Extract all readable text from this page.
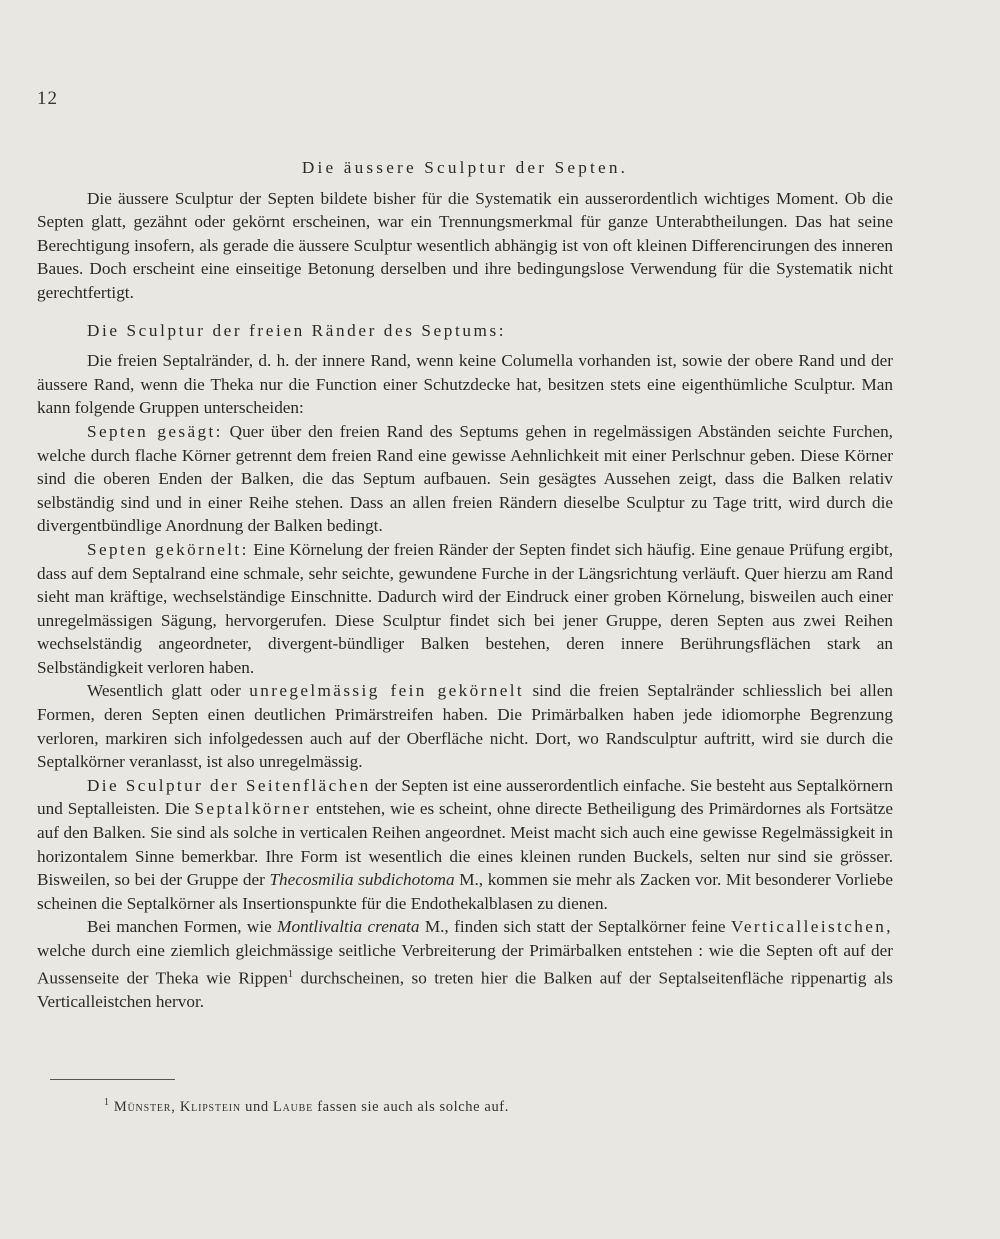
12
Die äussere Sculptur der Septen.

Die äussere Sculptur der Septen bildete bisher für die Systematik ein ausserordentlich wichtiges Moment. Ob die Septen glatt, gezähnt oder gekörnt erscheinen, war ein Trennungsmerkmal für ganze Unterabtheilungen. Das hat seine Berechtigung insofern, als gerade die äussere Sculptur wesentlich abhängig ist von oft kleinen Differencirungen des inneren Baues. Doch erscheint eine einseitige Betonung derselben und ihre bedingungslose Verwendung für die Systematik nicht gerechtfertigt.

Die Sculptur der freien Ränder des Septums:

Die freien Septalränder, d. h. der innere Rand, wenn keine Columella vorhanden ist, sowie der obere Rand und der äussere Rand, wenn die Theka nur die Function einer Schutzdecke hat, besitzen stets eine eigenthümliche Sculptur. Man kann folgende Gruppen unterscheiden:

Septen gesägt: Quer über den freien Rand des Septums gehen in regelmässigen Abständen seichte Furchen, welche durch flache Körner getrennt dem freien Rand eine gewisse Aehnlichkeit mit einer Perlschnur geben. Diese Körner sind die oberen Enden der Balken, die das Septum aufbauen. Sein gesägtes Aussehen zeigt, dass die Balken relativ selbständig sind und in einer Reihe stehen. Dass an allen freien Rändern dieselbe Sculptur zu Tage tritt, wird durch die divergentbündlige Anordnung der Balken bedingt.

Septen gekörnelt: Eine Körnelung der freien Ränder der Septen findet sich häufig. Eine genaue Prüfung ergibt, dass auf dem Septalrand eine schmale, sehr seichte, gewundene Furche in der Längsrichtung verläuft. Quer hierzu am Rand sieht man kräftige, wechselständige Einschnitte. Dadurch wird der Eindruck einer groben Körnelung, bisweilen auch einer unregelmässigen Sägung, hervorgerufen. Diese Sculptur findet sich bei jener Gruppe, deren Septen aus zwei Reihen wechselständig angeordneter, divergent-bündliger Balken bestehen, deren innere Berührungsflächen stark an Selbständigkeit verloren haben.

Wesentlich glatt oder unregelmässig fein gekörnelt sind die freien Septalränder schliesslich bei allen Formen, deren Septen einen deutlichen Primärstreifen haben. Die Primärbalken haben jede idiomorphe Begrenzung verloren, markiren sich infolgedessen auch auf der Oberfläche nicht. Dort, wo Randsculptur auftritt, wird sie durch die Septalkörner veranlasst, ist also unregelmässig.

Die Sculptur der Seitenflächen der Septen ist eine ausserordentlich einfache. Sie besteht aus Septalkörnern und Septalleisten. Die Septalkörner entstehen, wie es scheint, ohne directe Betheiligung des Primärdornes als Fortsätze auf den Balken. Sie sind als solche in verticalen Reihen angeordnet. Meist macht sich auch eine gewisse Regelmässigkeit in horizontalem Sinne bemerkbar. Ihre Form ist wesentlich die eines kleinen runden Buckels, selten nur sind sie grösser. Bisweilen, so bei der Gruppe der Thecosmilia subdichotoma M., kommen sie mehr als Zacken vor. Mit besonderer Vorliebe scheinen die Septalkörner als Insertionspunkte für die Endothekalblasen zu dienen.

Bei manchen Formen, wie Montlivaltia crenata M., finden sich statt der Septalkörner feine Verticalleistchen, welche durch eine ziemlich gleichmässige seitliche Verbreiterung der Primärbalken entstehen : wie die Septen oft auf der Aussenseite der Theka wie Rippen$^1$ durchscheinen, so treten hier die Balken auf der Septalseitenfläche rippenartig als Verticalleistchen hervor.

$^1$ Münster, Klipstein und Laube fassen sie auch als solche auf.
